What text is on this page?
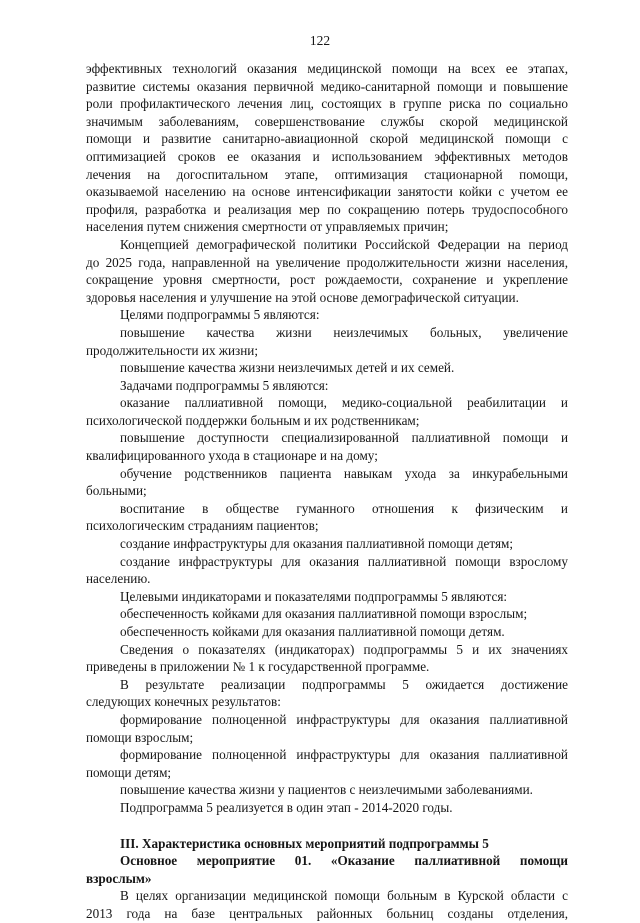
122
эффективных технологий оказания медицинской помощи на всех ее этапах,
развитие системы оказания первичной медико-санитарной помощи и повышение
роли профилактического лечения лиц, состоящих в группе риска по социально
значимым заболеваниям, совершенствование службы скорой медицинской
помощи и развитие санитарно-авиационной скорой медицинской помощи с
оптимизацией сроков ее оказания и использованием эффективных методов
лечения на догоспитальном этапе, оптимизация стационарной помощи,
оказываемой населению на основе интенсификации занятости койки с учетом ее
профиля, разработка и реализация мер по сокращению потерь трудоспособного
населения путем снижения смертности от управляемых причин;
Концепцией демографической политики Российской Федерации на период
до 2025 года, направленной на увеличение продолжительности жизни населения,
сокращение уровня смертности, рост рождаемости, сохранение и укрепление
здоровья населения и улучшение на этой основе демографической ситуации.
Целями подпрограммы 5 являются:
повышение качества жизни неизлечимых больных, увеличение
продолжительности их жизни;
повышение качества жизни неизлечимых детей и их семей.
Задачами подпрограммы 5 являются:
оказание паллиативной помощи, медико-социальной реабилитации и
психологической поддержки больным и их родственникам;
повышение доступности специализированной паллиативной помощи и
квалифицированного ухода в стационаре и на дому;
обучение родственников пациента навыкам ухода за инкурабельными
больными;
воспитание в обществе гуманного отношения к физическим и
психологическим страданиям пациентов;
создание инфраструктуры для оказания паллиативной помощи детям;
создание инфраструктуры для оказания паллиативной помощи взрослому
населению.
Целевыми индикаторами и показателями подпрограммы 5 являются:
обеспеченность койками для оказания паллиативной помощи взрослым;
обеспеченность койками для оказания паллиативной помощи детям.
Сведения о показателях (индикаторах) подпрограммы 5 и их значениях
приведены в приложении № 1 к государственной программе.
В результате реализации подпрограммы 5 ожидается достижение
следующих конечных результатов:
формирование полноценной инфраструктуры для оказания паллиативной
помощи взрослым;
формирование полноценной инфраструктуры для оказания паллиативной
помощи детям;
повышение качества жизни у пациентов с неизлечимыми заболеваниями.
Подпрограмма 5 реализуется в один этап - 2014-2020 годы.
III. Характеристика основных мероприятий подпрограммы 5
Основное мероприятие 01. «Оказание паллиативной помощи
взрослым»
В целях организации медицинской помощи больным в Курской области с
2013 года на базе центральных районных больниц созданы отделения,
